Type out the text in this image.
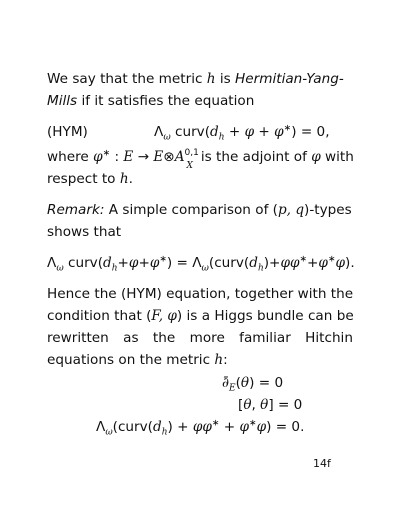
We say that the metric h is Hermitian-Yang-
Mills if it satisfies the equation
(HYM)	$\Lambda_\omega$ $curv(d_h + \varphi + \varphi^∗) = 0$,
where φ∗ : E → E⊗A 0,1
X
is the adjoint of φ with
respect to h.
Remark: A simple comparison of (p, q)-types
shows that
$\Lambda_\omega$ $curv(d_h+\varphi+\varphi^∗)$ = $\Lambda_\omega(curv(d_h)+\varphi\varphi^∗+\varphi^∗\varphi)$.
Hence the (HYM) equation, together with the
condition that (F, φ) is a Higgs bundle can be
rewritten as the more familiar Hitchin
equations on the metric h:
$\partial̄_E(\theta) = 0$
[θ, θ] = 0
$\Lambda_\omega(curv(d_h) + \varphi\varphi^∗ + \varphi^∗\varphi) = 0$.
14f
